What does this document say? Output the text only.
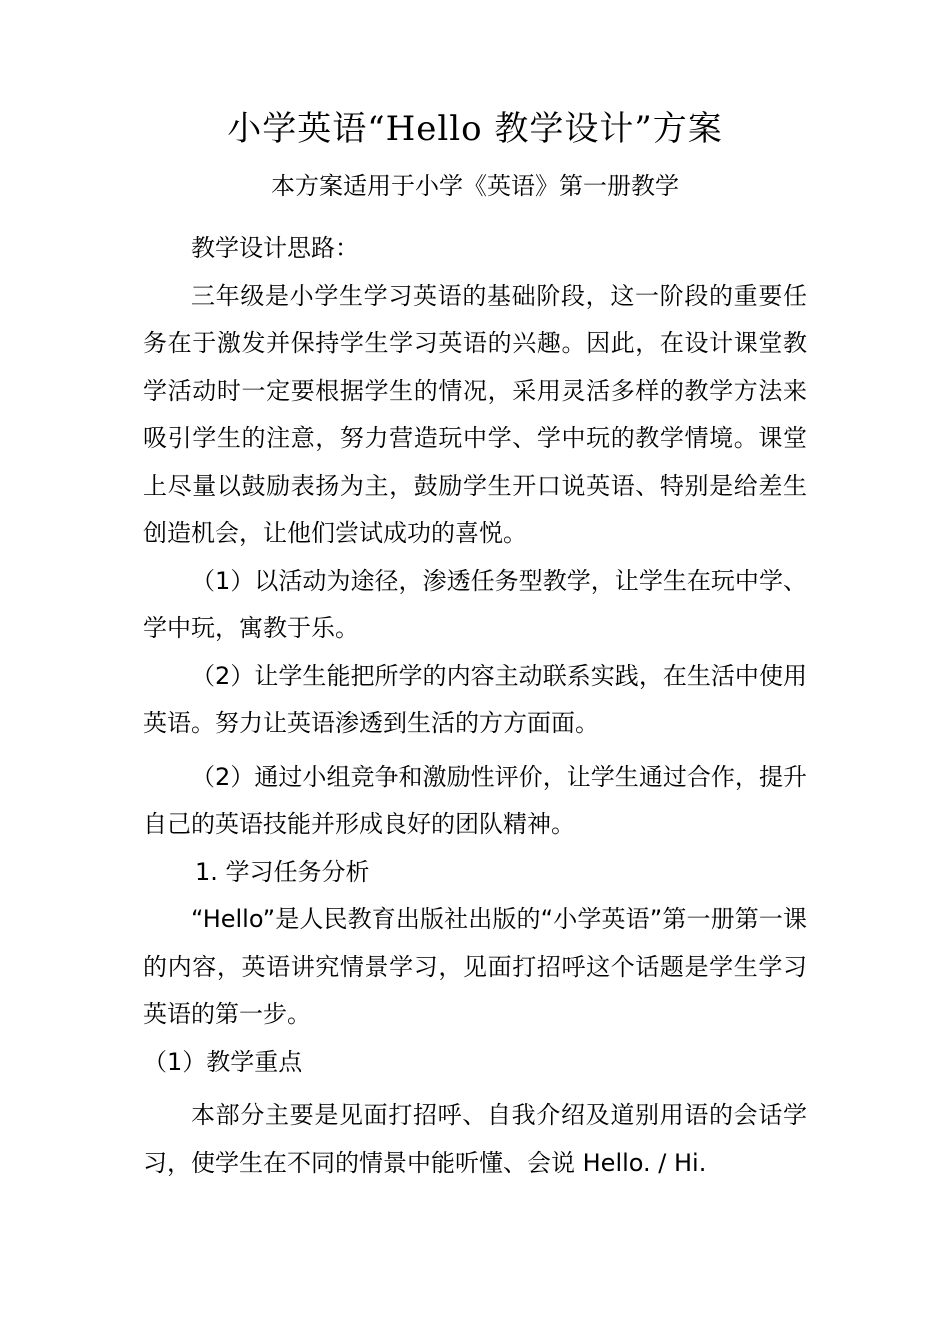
小学英语“Hello 教学设计”方案
本方案适用于小学《英语》第一册教学

教学设计思路：

三年级是小学生学习英语的基础阶段，这一阶段的重要任务在于激发并保持学生学习英语的兴趣。因此，在设计课堂教学活动时一定要根据学生的情况，采用灵活多样的教学方法来吸引学生的注意，努力营造玩中学、学中玩的教学情境。课堂上尽量以鼓励表扬为主，鼓励学生开口说英语、特别是给差生创造机会，让他们尝试成功的喜悦。

（1）以活动为途径，渗透任务型教学，让学生在玩中学、学中玩，寓教于乐。

（2）让学生能把所学的内容主动联系实践，在生活中使用英语。努力让英语渗透到生活的方方面面。

（2）通过小组竞争和激励性评价，让学生通过合作，提升自己的英语技能并形成良好的团队精神。

1. 学习任务分析

“Hello”是人民教育出版社出版的“小学英语”第一册第一课的内容，英语讲究情景学习，见面打招呼这个话题是学生学习英语的第一步。

（1）教学重点

本部分主要是见面打招呼、自我介绍及道别用语的会话学习，使学生在不同的情景中能听懂、会说 Hello. / Hi.
